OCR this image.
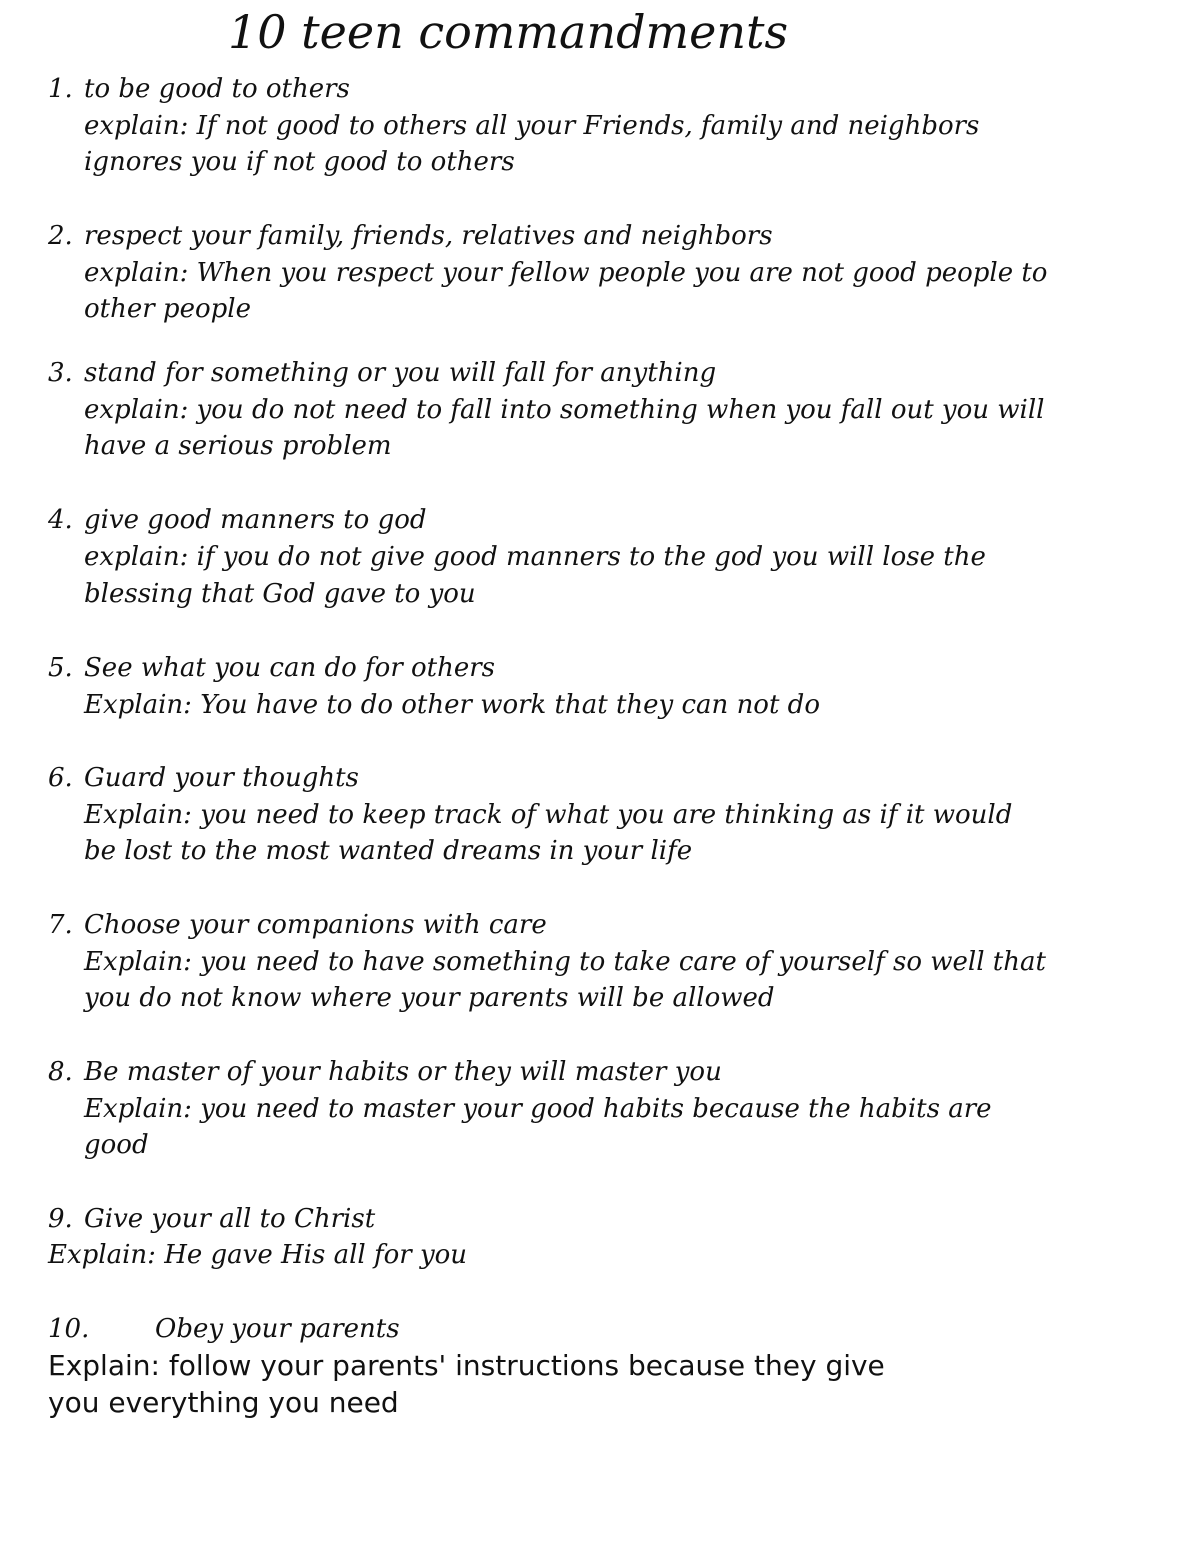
10 teen commandments
1. to be good to others
explain: If not good to others all your Friends, family and neighbors
ignores you if not good to others
2. respect your family, friends, relatives and neighbors
explain: When you respect your fellow people you are not good people to
other people
3. stand for something or you will fall for anything
explain: you do not need to fall into something when you fall out you will
have a serious problem
4. give good manners to god
explain: if you do not give good manners to the god you will lose the
blessing that God gave to you
5. See what you can do for others
Explain: You have to do other work that they can not do
6. Guard your thoughts
Explain: you need to keep track of what you are thinking as if it would
be lost to the most wanted dreams in your life
7. Choose your companions with care
Explain: you need to have something to take care of yourself so well that
you do not know where your parents will be allowed
8. Be master of your habits or they will master you
Explain: you need to master your good habits because the habits are
good
9. Give your all to Christ
Explain: He gave His all for you
10.	Obey your parents
Explain: follow your parents' instructions because they give
you everything you need
